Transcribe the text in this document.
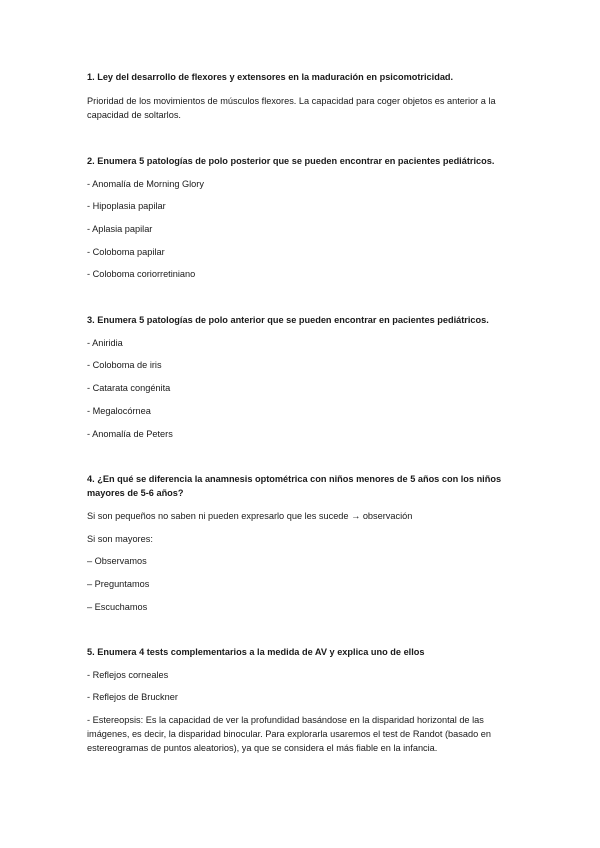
1. Ley del desarrollo de flexores y extensores en la maduración en psicomotricidad.

Prioridad de los movimientos de músculos flexores. La capacidad para coger objetos es anterior a la capacidad de soltarlos.

2. Enumera 5 patologías de polo posterior que se pueden encontrar en pacientes pediátricos.

- Anomalía de Morning Glory

- Hipoplasia papilar

- Aplasia papilar

- Coloboma papilar

- Coloboma coriorretiniano

3. Enumera 5 patologías de polo anterior que se pueden encontrar en pacientes pediátricos.

- Aniridia

- Coloboma de iris

- Catarata congénita

- Megalocórnea

- Anomalía de Peters

4. ¿En qué se diferencia la anamnesis optométrica con niños menores de 5 años con los niños mayores de 5-6 años?

Si son pequeños no saben ni pueden expresarlo que les sucede → observación

Si son mayores:

– Observamos

– Preguntamos

– Escuchamos

5. Enumera 4 tests complementarios a la medida de AV y explica uno de ellos

- Reflejos corneales

- Reflejos de Bruckner

- Estereopsis: Es la capacidad de ver la profundidad basándose en la disparidad horizontal de las imágenes, es decir, la disparidad binocular. Para explorarla usaremos el test de Randot (basado en estereogramas de puntos aleatorios), ya que se considera el más fiable en la infancia.
